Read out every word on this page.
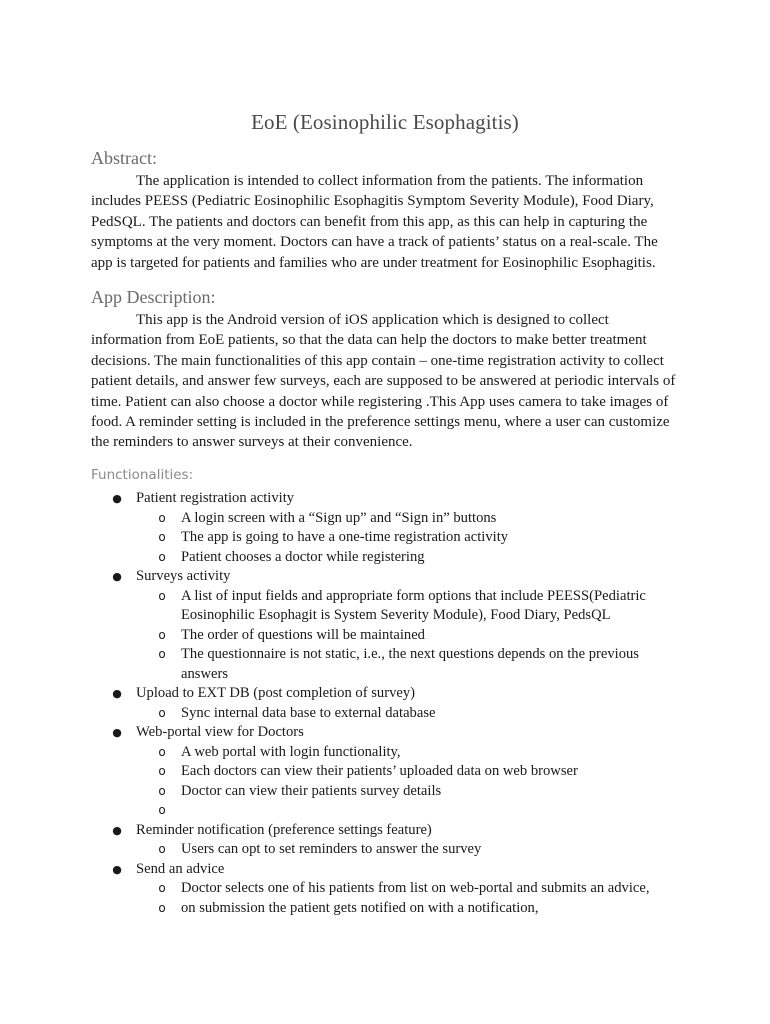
EoE (Eosinophilic Esophagitis)
Abstract:
The application is intended to collect information from the patients. The information
includes PEESS (Pediatric Eosinophilic Esophagitis Symptom Severity Module), Food Diary,
PedSQL. The patients and doctors can benefit from this app, as this can help in capturing the
symptoms at the very moment. Doctors can have a track of patients’ status on a real-scale. The
app is targeted for patients and families who are under treatment for Eosinophilic Esophagitis.
App Description:
This app is the Android version of iOS application which is designed to collect
information from EoE patients, so that the data can help the doctors to make better treatment
decisions. The main functionalities of this app contain – one-time registration activity to collect
patient details, and answer few surveys, each are supposed to be answered at periodic intervals of
time. Patient can also choose a doctor while registering .This App uses camera to take images of
food. A reminder setting is included in the preference settings menu, where a user can customize
the reminders to answer surveys at their convenience.
Functionalities:
● Patient registration activity
o A login screen with a “Sign up” and “Sign in” buttons
o The app is going to have a one-time registration activity
o Patient chooses a doctor while registering
● Surveys activity
o A list of input fields and appropriate form options that include PEESS(Pediatric
Eosinophilic Esophagit is System Severity Module), Food Diary, PedsQL
o The order of questions will be maintained
o The questionnaire is not static, i.e., the next questions depends on the previous
answers
● Upload to EXT DB (post completion of survey)
o Sync internal data base to external database
● Web-portal view for Doctors
o A web portal with login functionality,
o Each doctors can view their patients’ uploaded data on web browser
o Doctor can view their patients survey details
o
● Reminder notification (preference settings feature)
o Users can opt to set reminders to answer the survey
● Send an advice
o Doctor selects one of his patients from list on web-portal and submits an advice,
o on submission the patient gets notified on with a notification,
